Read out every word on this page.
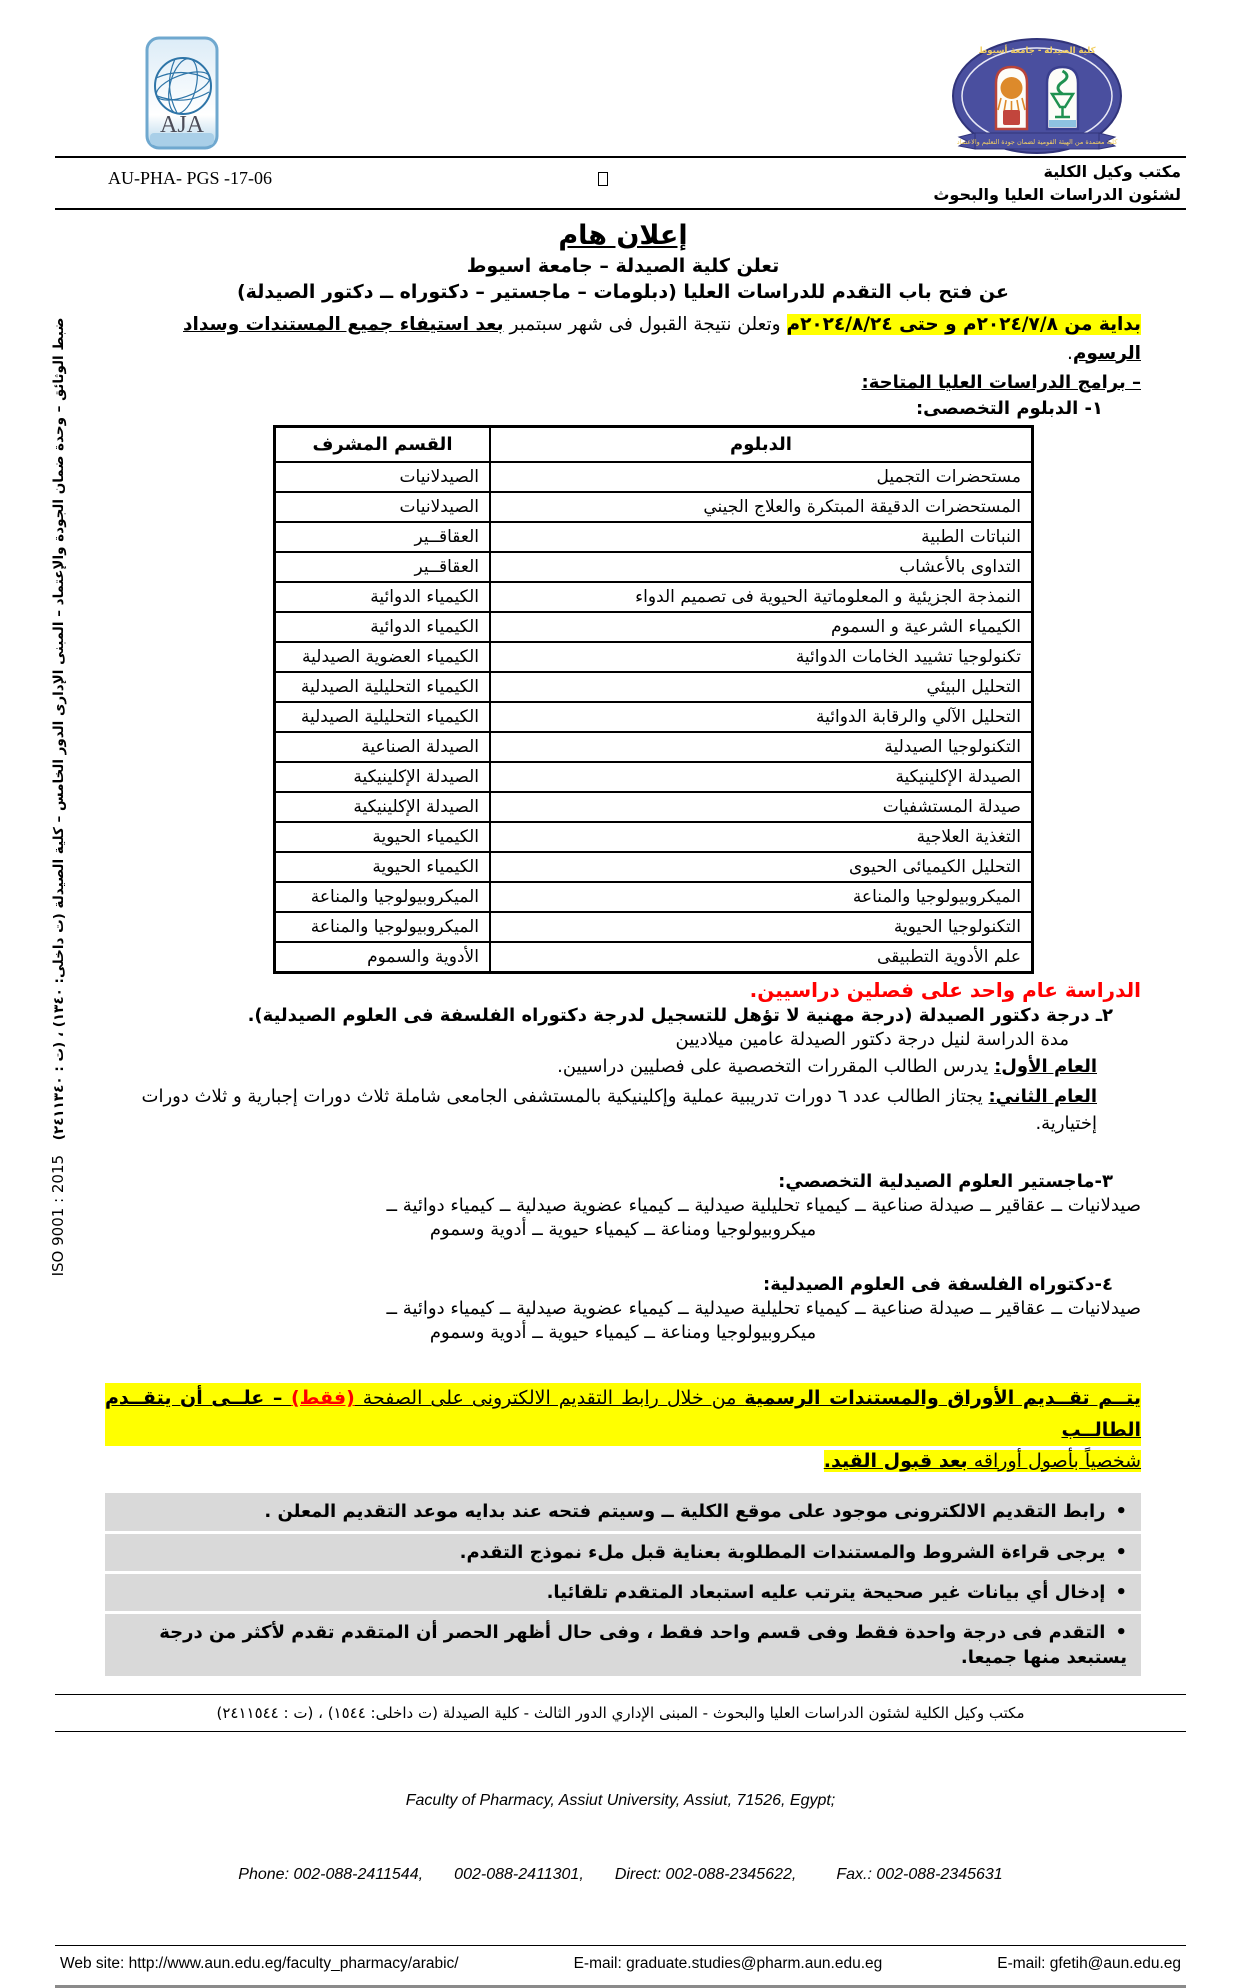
AJA
كلية الصيدلة - جامعة أسيوط
كلية معتمدة من الهيئة القومية لضمان جودة التعليم والاعتماد
AU-PHA- PGS -17-06	مكتب وكيل الكلية
لشئون الدراسات العليا والبحوث
إعلان هام
تعلن كلية الصيدلة – جامعة اسيوط
عن فتح باب التقدم للدراسات العليا (دبلومات – ماجستير – دكتوراه ــ دكتور الصيدلة)
بداية من ٢٠٢٤/٧/٨م و حتى ٢٠٢٤/٨/٢٤م وتعلن نتيجة القبول فى شهر سبتمبر بعد استيفاء جميع المستندات وسداد الرسوم.
– برامج الدراسات العليا المتاحة:
١- الدبلوم التخصصى:
الدبلوم	القسم المشرف
مستحضرات التجميل	الصيدلانيات
المستحضرات الدقيقة المبتكرة والعلاج الجيني	الصيدلانيات
النباتات الطبية	العقاقــير
التداوى بالأعشاب	العقاقــير
النمذجة الجزيئية و المعلوماتية الحيوية فى تصميم الدواء	الكيمياء الدوائية
الكيمياء الشرعية و السموم	الكيمياء الدوائية
تكنولوجيا تشييد الخامات الدوائية	الكيمياء العضوية الصيدلية
التحليل البيئي	الكيمياء التحليلية الصيدلية
التحليل الآلي والرقابة الدوائية	الكيمياء التحليلية الصيدلية
التكنولوجيا الصيدلية	الصيدلة الصناعية
الصيدلة الإكلينيكية	الصيدلة الإكلينيكية
صيدلة المستشفيات	الصيدلة الإكلينيكية
التغذية العلاجية	الكيمياء الحيوية
التحليل الكيميائى الحيوى	الكيمياء الحيوية
الميكروبيولوجيا والمناعة	الميكروبيولوجيا والمناعة
التكنولوجيا الحيوية	الميكروبيولوجيا والمناعة
علم الأدوية التطبيقى	الأدوية والسموم
الدراسة عام واحد على فصلين دراسيين.
٢ـ درجة دكتور الصيدلة (درجة مهنية لا تؤهل للتسجيل لدرجة دكتوراه الفلسفة فى العلوم الصيدلية).
مدة الدراسة لنيل درجة دكتور الصيدلة عامين ميلاديين
العام الأول: يدرس الطالب المقررات التخصصية على فصليين دراسيين.
العام الثاني: يجتاز الطالب عدد ٦ دورات تدريبية عملية وإكلينيكية بالمستشفى الجامعى شاملة ثلاث دورات إجبارية و ثلاث دورات إختيارية.
٣-ماجستير العلوم الصيدلية التخصصي:
صيدلانيات ــ عقاقير ــ صيدلة صناعية ــ كيمياء تحليلية صيدلية ــ كيمياء عضوية صيدلية ــ كيمياء دوائية ــ
ميكروبيولوجيا ومناعة ــ كيمياء حيوية ــ أدوية وسموم
٤-دكتوراه الفلسفة فى العلوم الصيدلية:
صيدلانيات ــ عقاقير ــ صيدلة صناعية ــ كيمياء تحليلية صيدلية ــ كيمياء عضوية صيدلية ــ كيمياء دوائية ــ
ميكروبيولوجيا ومناعة ــ كيمياء حيوية ــ أدوية وسموم
يتــم تقــديم الأوراق والمستندات الرسمية من خلال رابط التقديم الالكترونى على الصفحة (فقط) – علــى أن يتقــدم الطالــب
شخصياً بأصول أوراقه بعد قبول القيد.
•رابط التقديم الالكترونى موجود على موقع الكلية ــ وسيتم فتحه عند بدايه موعد التقديم المعلن .
•يرجى قراءة الشروط والمستندات المطلوبة بعناية قبل ملء نموذج التقدم.
•إدخال أي بيانات غير صحيحة يترتب عليه استبعاد المتقدم تلقائيا.
•التقدم فى درجة واحدة فقط وفى قسم واحد فقط ، وفى حال أظهر الحصر أن المتقدم تقدم لأكثر من درجة يستبعد منها جميعا.
مكتب وكيل الكلية لشئون الدراسات العليا والبحوث - المبنى الإداري الدور الثالث - كلية الصيدلة (ت داخلى: ١٥٤٤) ، (ت : ٢٤١١٥٤٤)

Faculty of Pharmacy, Assiut University, Assiut, 71526, Egypt;

Phone: 002-088-2411544,       002-088-2411301,       Direct: 002-088-2345622,         Fax.: 002-088-2345631

Web site: http://www.aun.edu.eg/faculty_pharmacy/arabic/	E-mail: graduate.studies@pharm.aun.edu.eg	E-mail: gfetih@aun.edu.eg
ضبط الوثائق – وحدة ضمان الجودة والإعتماد – المبنى الإدارى الدور الخامس – كلية الصيدلة (ت داخلى: ١٣٤٠) ، (ت : ٢٤١١٣٤٠) ISO 9001 : 2015
